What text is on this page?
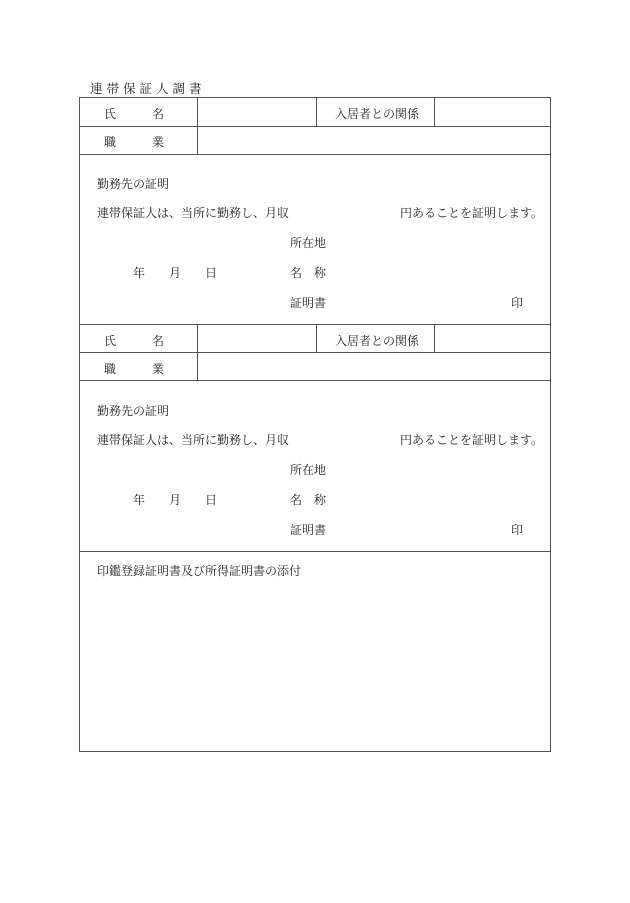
連帯保証人調書
氏　　　名	入居者との関係
職　　　業
勤務先の証明
連帯保証人は、当所に勤務し、月収	円あることを証明します。
所在地
年　　月　　日	名　称
証明書	印
氏　　　名	入居者との関係
職　　　業
勤務先の証明
連帯保証人は、当所に勤務し、月収	円あることを証明します。
所在地
年　　月　　日	名　称
証明書	印
印鑑登録証明書及び所得証明書の添付
